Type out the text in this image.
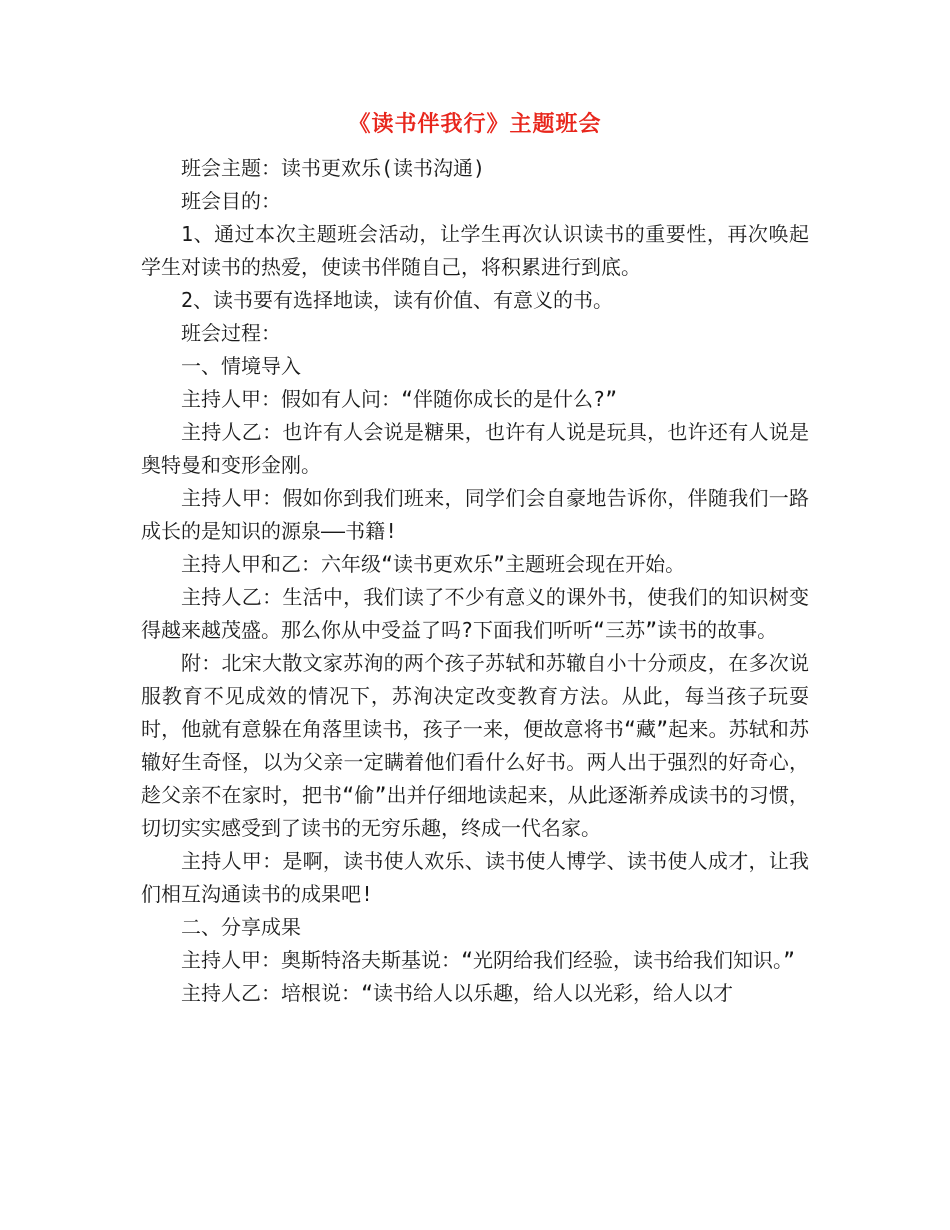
《读书伴我行》主题班会

班会主题：读书更欢乐(读书沟通)

班会目的：

1、通过本次主题班会活动，让学生再次认识读书的重要性，再次唤起学生对读书的热爱，使读书伴随自己，将积累进行到底。

2、读书要有选择地读，读有价值、有意义的书。

班会过程：

一、情境导入

主持人甲：假如有人问：“伴随你成长的是什么?”

主持人乙：也许有人会说是糖果，也许有人说是玩具，也许还有人说是奥特曼和变形金刚。

主持人甲：假如你到我们班来，同学们会自豪地告诉你，伴随我们一路成长的是知识的源泉——书籍!

主持人甲和乙：六年级“读书更欢乐”主题班会现在开始。

主持人乙：生活中，我们读了不少有意义的课外书，使我们的知识树变得越来越茂盛。那么你从中受益了吗?下面我们听听“三苏”读书的故事。

附：北宋大散文家苏洵的两个孩子苏轼和苏辙自小十分顽皮，在多次说服教育不见成效的情况下，苏洵决定改变教育方法。从此，每当孩子玩耍时，他就有意躲在角落里读书，孩子一来，便故意将书“藏”起来。苏轼和苏辙好生奇怪，以为父亲一定瞒着他们看什么好书。两人出于强烈的好奇心，趁父亲不在家时，把书“偷”出并仔细地读起来，从此逐渐养成读书的习惯，切切实实感受到了读书的无穷乐趣，终成一代名家。

主持人甲：是啊，读书使人欢乐、读书使人博学、读书使人成才，让我们相互沟通读书的成果吧!

二、分享成果

主持人甲：奥斯特洛夫斯基说：“光阴给我们经验，读书给我们知识。”

主持人乙：培根说：“读书给人以乐趣，给人以光彩，给人以才
